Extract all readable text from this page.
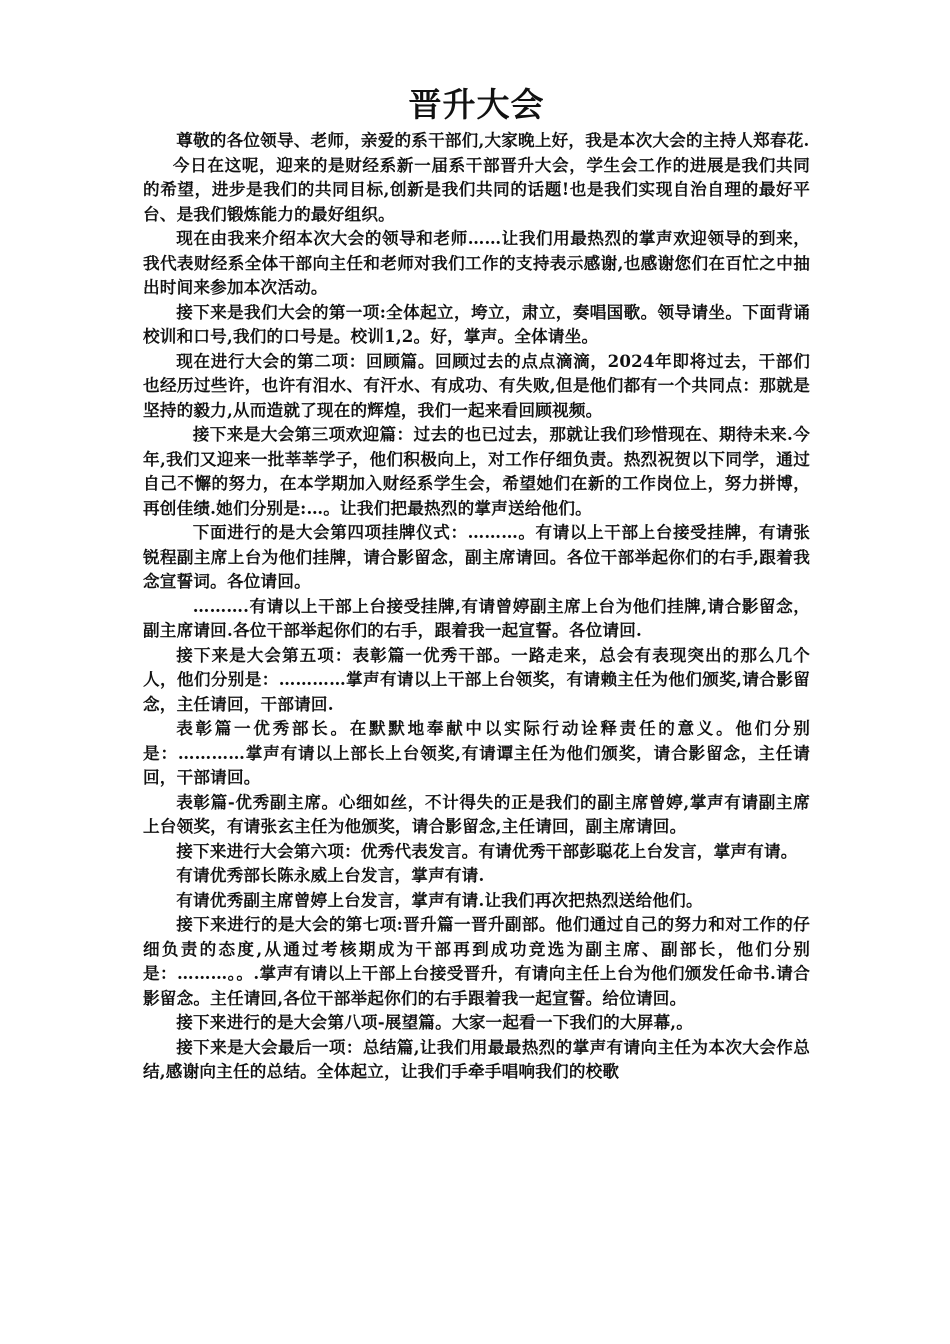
晋升大会

尊敬的各位领导、老师，亲爱的系干部们,大家晚上好，我是本次大会的主持人郑春花.

今日在这呢，迎来的是财经系新一届系干部晋升大会，学生会工作的进展是我们共同的希望，进步是我们的共同目标,创新是我们共同的话题!也是我们实现自治自理的最好平台、是我们锻炼能力的最好组织。

现在由我来介绍本次大会的领导和老师……让我们用最热烈的掌声欢迎领导的到来，我代表财经系全体干部向主任和老师对我们工作的支持表示感谢,也感谢您们在百忙之中抽出时间来参加本次活动。

接下来是我们大会的第一项:全体起立，垮立，肃立，奏唱国歌。领导请坐。下面背诵校训和口号,我们的口号是。校训1,2。好，掌声。全体请坐。

现在进行大会的第二项：回顾篇。回顾过去的点点滴滴，2024年即将过去，干部们也经历过些许，也许有泪水、有汗水、有成功、有失败,但是他们都有一个共同点：那就是坚持的毅力,从而造就了现在的辉煌，我们一起来看回顾视频。

接下来是大会第三项欢迎篇：过去的也已过去，那就让我们珍惜现在、期待未来.今年,我们又迎来一批莘莘学子，他们积极向上，对工作仔细负责。热烈祝贺以下同学，通过自己不懈的努力，在本学期加入财经系学生会，希望她们在新的工作岗位上，努力拼博，再创佳绩.她们分别是:…。让我们把最热烈的掌声送给他们。

下面进行的是大会第四项挂牌仪式：………。有请以上干部上台接受挂牌，有请张锐程副主席上台为他们挂牌，请合影留念，副主席请回。各位干部举起你们的右手,跟着我念宣誓词。各位请回。

……….有请以上干部上台接受挂牌,有请曾婷副主席上台为他们挂牌,请合影留念，副主席请回.各位干部举起你们的右手，跟着我一起宣誓。各位请回.

接下来是大会第五项：表彰篇一优秀干部。一路走来，总会有表现突出的那么几个人，他们分别是：…………掌声有请以上干部上台领奖，有请赖主任为他们颁奖,请合影留念，主任请回，干部请回.

表彰篇一优秀部长。在默默地奉献中以实际行动诠释责任的意义。他们分别是：…………掌声有请以上部长上台领奖,有请谭主任为他们颁奖，请合影留念，主任请回，干部请回。

表彰篇-优秀副主席。心细如丝，不计得失的正是我们的副主席曾婷,掌声有请副主席上台领奖，有请张玄主任为他颁奖，请合影留念,主任请回，副主席请回。

接下来进行大会第六项：优秀代表发言。有请优秀干部彭聪花上台发言，掌声有请。

有请优秀部长陈永威上台发言，掌声有请.

有请优秀副主席曾婷上台发言，掌声有请.让我们再次把热烈送给他们。

接下来进行的是大会的第七项:晋升篇一晋升副部。他们通过自己的努力和对工作的仔细负责的态度,从通过考核期成为干部再到成功竞选为副主席、副部长，他们分别是：………。。.掌声有请以上干部上台接受晋升，有请向主任上台为他们颁发任命书.请合影留念。主任请回,各位干部举起你们的右手跟着我一起宣誓。给位请回。

接下来进行的是大会第八项-展望篇。大家一起看一下我们的大屏幕,。

接下来是大会最后一项：总结篇,让我们用最最热烈的掌声有请向主任为本次大会作总结,感谢向主任的总结。全体起立，让我们手牵手唱响我们的校歌
